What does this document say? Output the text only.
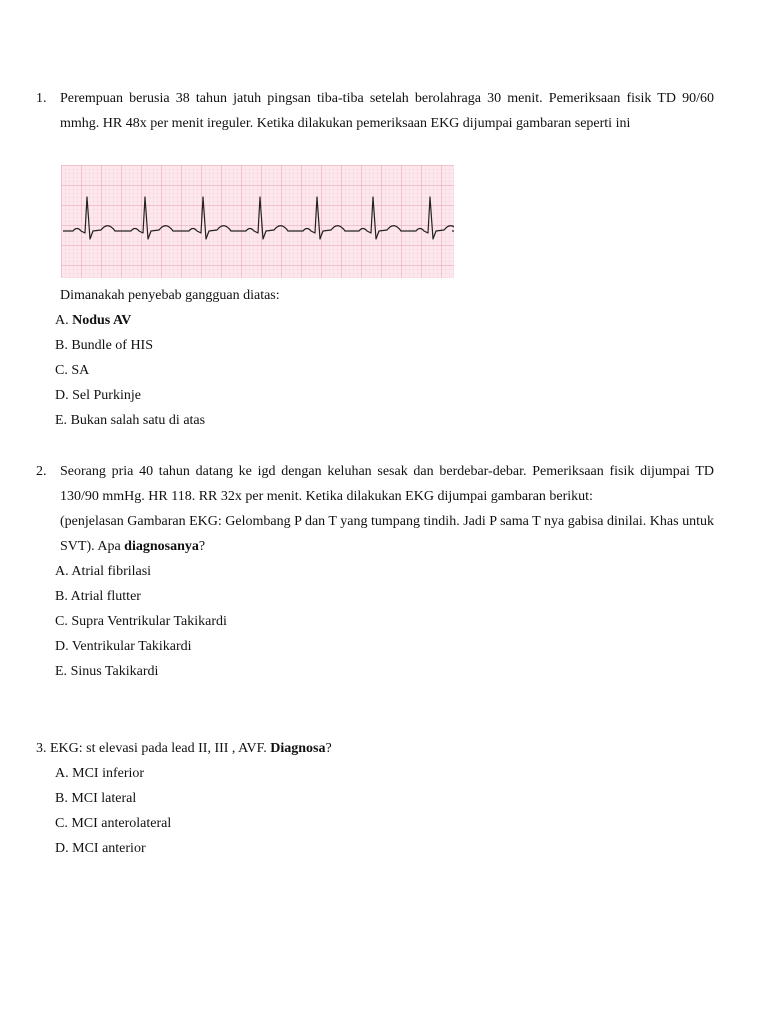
1. Perempuan berusia 38 tahun jatuh pingsan tiba-tiba setelah berolahraga 30 menit. Pemeriksaan fisik TD 90/60 mmhg. HR 48x per menit ireguler. Ketika dilakukan pemeriksaan EKG dijumpai gambaran seperti ini
Dimanakah penyebab gangguan diatas:
A. Nodus AV
B. Bundle of HIS
C. SA
D. Sel Purkinje
E. Bukan salah satu di atas
2. Seorang pria 40 tahun datang ke igd dengan keluhan sesak dan berdebar-debar. Pemeriksaan fisik dijumpai TD 130/90 mmHg. HR 118. RR 32x per menit. Ketika dilakukan EKG dijumpai gambaran berikut:
(penjelasan Gambaran EKG: Gelombang P dan T yang tumpang tindih. Jadi P sama T nya gabisa dinilai. Khas untuk SVT). Apa diagnosanya?
A. Atrial fibrilasi
B. Atrial flutter
C. Supra Ventrikular Takikardi
D. Ventrikular Takikardi
E. Sinus Takikardi
3. EKG: st elevasi pada lead II, III , AVF. Diagnosa?
A. MCI inferior
B. MCI lateral
C. MCI anterolateral
D. MCI anterior
